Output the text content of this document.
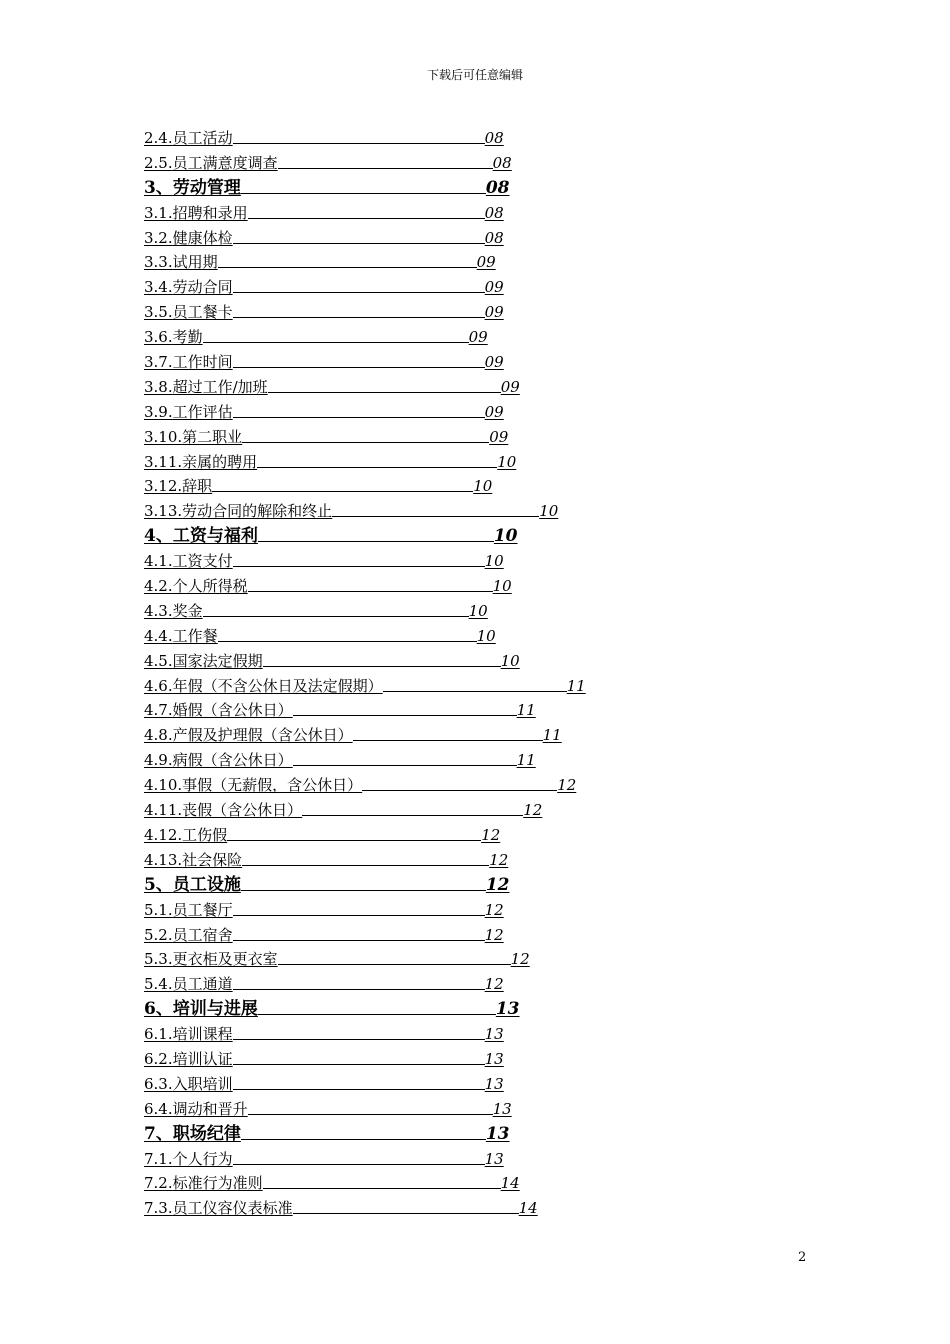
下载后可任意编辑
2.4. 员工活动	08
2.5. 员工满意度调查	08
3、 劳动管理	08
3.1. 招聘和录用	08
3.2. 健康体检	08
3.3. 试用期	09
3.4. 劳动合同	09
3.5. 员工餐卡	09
3.6. 考勤	09
3.7. 工作时间	09
3.8. 超过工作/加班	09
3.9. 工作评估	09
3.10. 第二职业	09
3.11. 亲属的聘用	10
3.12. 辞职	10
3.13. 劳动合同的解除和终止	10
4、 工资与福利	10
4.1. 工资支付	10
4.2. 个人所得税	10
4.3. 奖金	10
4.4. 工作餐	10
4.5. 国家法定假期	10
4.6. 年假（不含公休日及法定假期）	11
4.7. 婚假（含公休日）	11
4.8. 产假及护理假（含公休日）	11
4.9. 病假（含公休日）	11
4.10. 事假（无薪假，含公休日）	12
4.11. 丧假（含公休日）	12
4.12. 工伤假	12
4.13. 社会保险	12
5、 员工设施	12
5.1. 员工餐厅	12
5.2. 员工宿舍	12
5.3. 更衣柜及更衣室	12
5.4. 员工通道	12
6、 培训与进展	13
6.1. 培训课程	13
6.2. 培训认证	13
6.3. 入职培训	13
6.4. 调动和晋升	13
7、 职场纪律	13
7.1. 个人行为	13
7.2. 标准行为准则	14
7.3. 员工仪容仪表标准	14
2
